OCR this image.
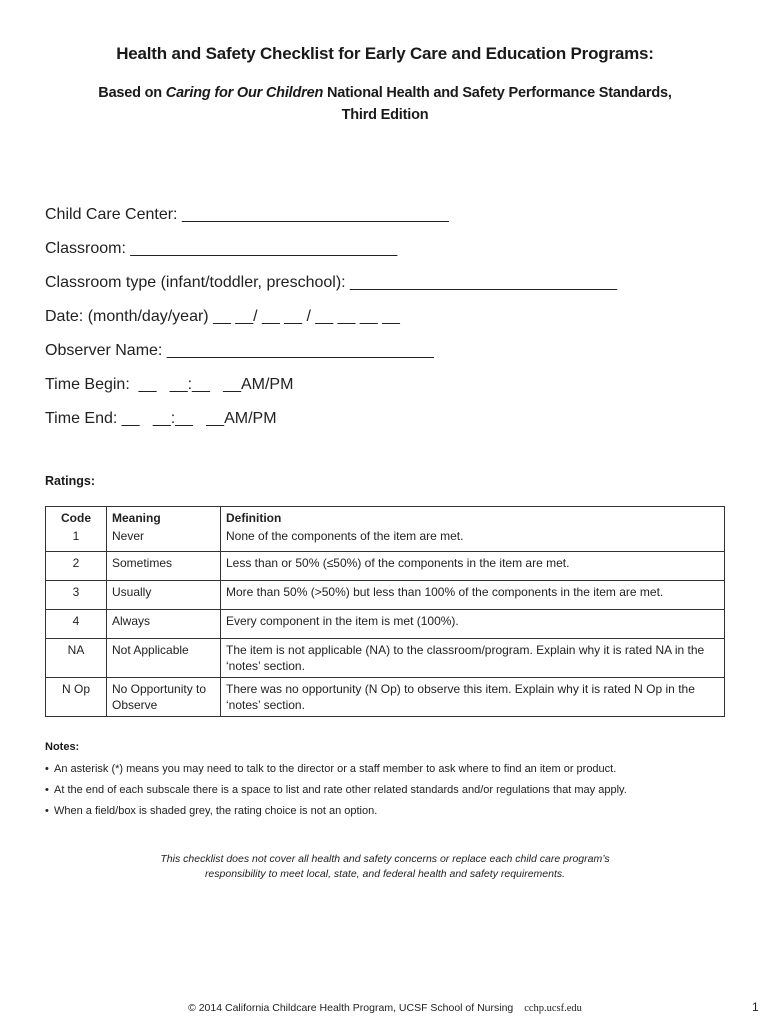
Health and Safety Checklist for Early Care and Education Programs:
Based on Caring for Our Children National Health and Safety Performance Standards,
Third Edition
Child Care Center: ______________________________
Classroom: ______________________________
Classroom type (infant/toddler, preschool): ______________________________
Date: (month/day/year) __ __/ __ __ / __ __ __ __
Observer Name: ______________________________
Time Begin:  __   __:__   __AM/PM
Time End: __   __:__   __AM/PM
Ratings:
Code	Meaning	Definition
1	Never	None of the components of the item are met.
2	Sometimes	Less than or 50% (≤50%) of the components in the item are met.
3	Usually	More than 50% (>50%) but less than 100% of the components in the item are met.
4	Always	Every component in the item is met (100%).
NA	Not Applicable	The item is not applicable (NA) to the classroom/program. Explain why it is rated NA in the ‘notes’ section.
N Op	No Opportunity to Observe	There was no opportunity (N Op) to observe this item. Explain why it is rated N Op in the ‘notes’ section.
Notes:
• An asterisk (*) means you may need to talk to the director or a staff member to ask where to find an item or product.
• At the end of each subscale there is a space to list and rate other related standards and/or regulations that may apply.
• When a field/box is shaded grey, the rating choice is not an option.
This checklist does not cover all health and safety concerns or replace each child care program’s
responsibility to meet local, state, and federal health and safety requirements.
© 2014 California Childcare Health Program, UCSF School of Nursing cchp.ucsf.edu	1
